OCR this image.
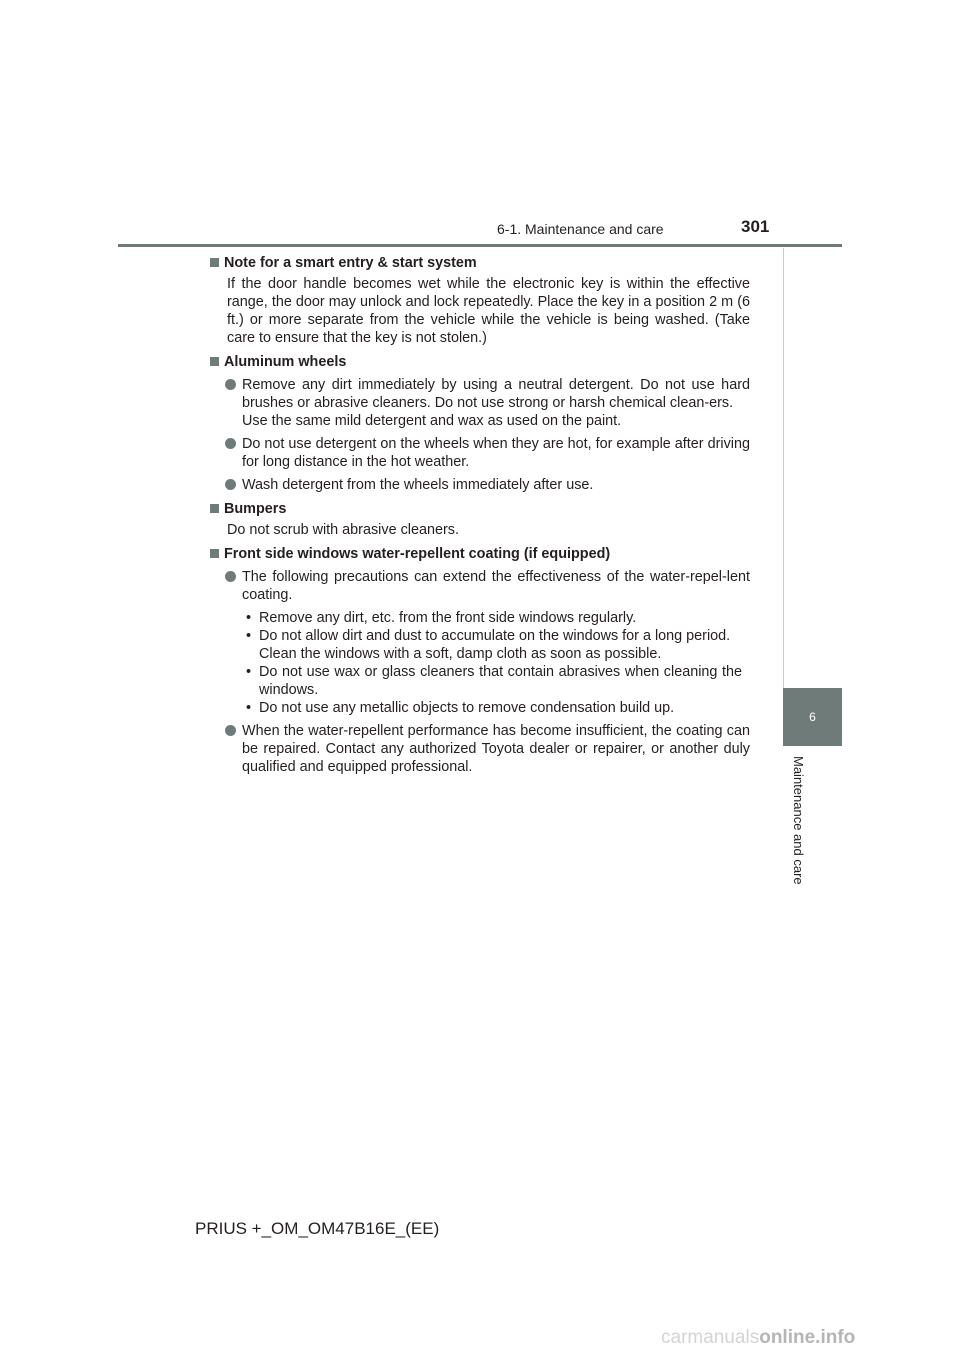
6-1. Maintenance and care	301
6
Maintenance and care
Note for a smart entry & start system
If the door handle becomes wet while the electronic key is within the effective range, the door may unlock and lock repeatedly. Place the key in a position 2 m (6 ft.) or more separate from the vehicle while the vehicle is being washed. (Take care to ensure that the key is not stolen.)
Aluminum wheels
Remove any dirt immediately by using a neutral detergent. Do not use hard brushes or abrasive cleaners. Do not use strong or harsh chemical clean-ers.
Use the same mild detergent and wax as used on the paint.
Do not use detergent on the wheels when they are hot, for example after driving for long distance in the hot weather.
Wash detergent from the wheels immediately after use.
Bumpers
Do not scrub with abrasive cleaners.
Front side windows water-repellent coating (if equipped)
The following precautions can extend the effectiveness of the water-repel-lent coating.
• Remove any dirt, etc. from the front side windows regularly.
• Do not allow dirt and dust to accumulate on the windows for a long period.
Clean the windows with a soft, damp cloth as soon as possible.
• Do not use wax or glass cleaners that contain abrasives when cleaning the windows.
• Do not use any metallic objects to remove condensation build up.
When the water-repellent performance has become insufficient, the coating can be repaired. Contact any authorized Toyota dealer or repairer, or another duly qualified and equipped professional.
PRIUS +_OM_OM47B16E_(EE)
carmanualsonline.info
